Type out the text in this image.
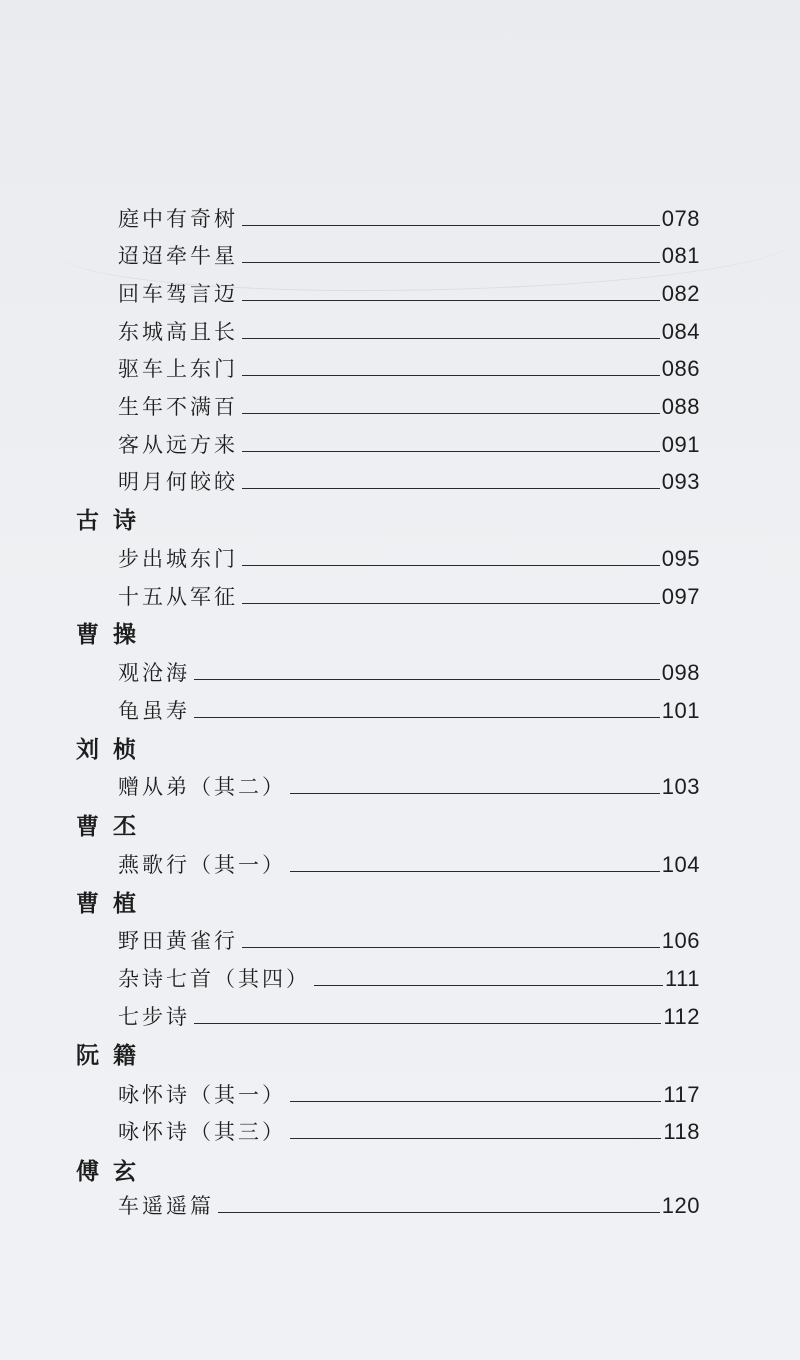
庭中有奇树	078
迢迢牵牛星	081
回车驾言迈	082
东城高且长	084
驱车上东门	086
生年不满百	088
客从远方来	091
明月何皎皎	093
古诗
步出城东门	095
十五从军征	097
曹操
观沧海	098
龟虽寿	101
刘桢
赠从弟（其二）	103
曹丕
燕歌行（其一）	104
曹植
野田黄雀行	106
杂诗七首（其四）	111
七步诗	112
阮籍
咏怀诗（其一）	117
咏怀诗（其三）	118
傅玄
车遥遥篇	120
